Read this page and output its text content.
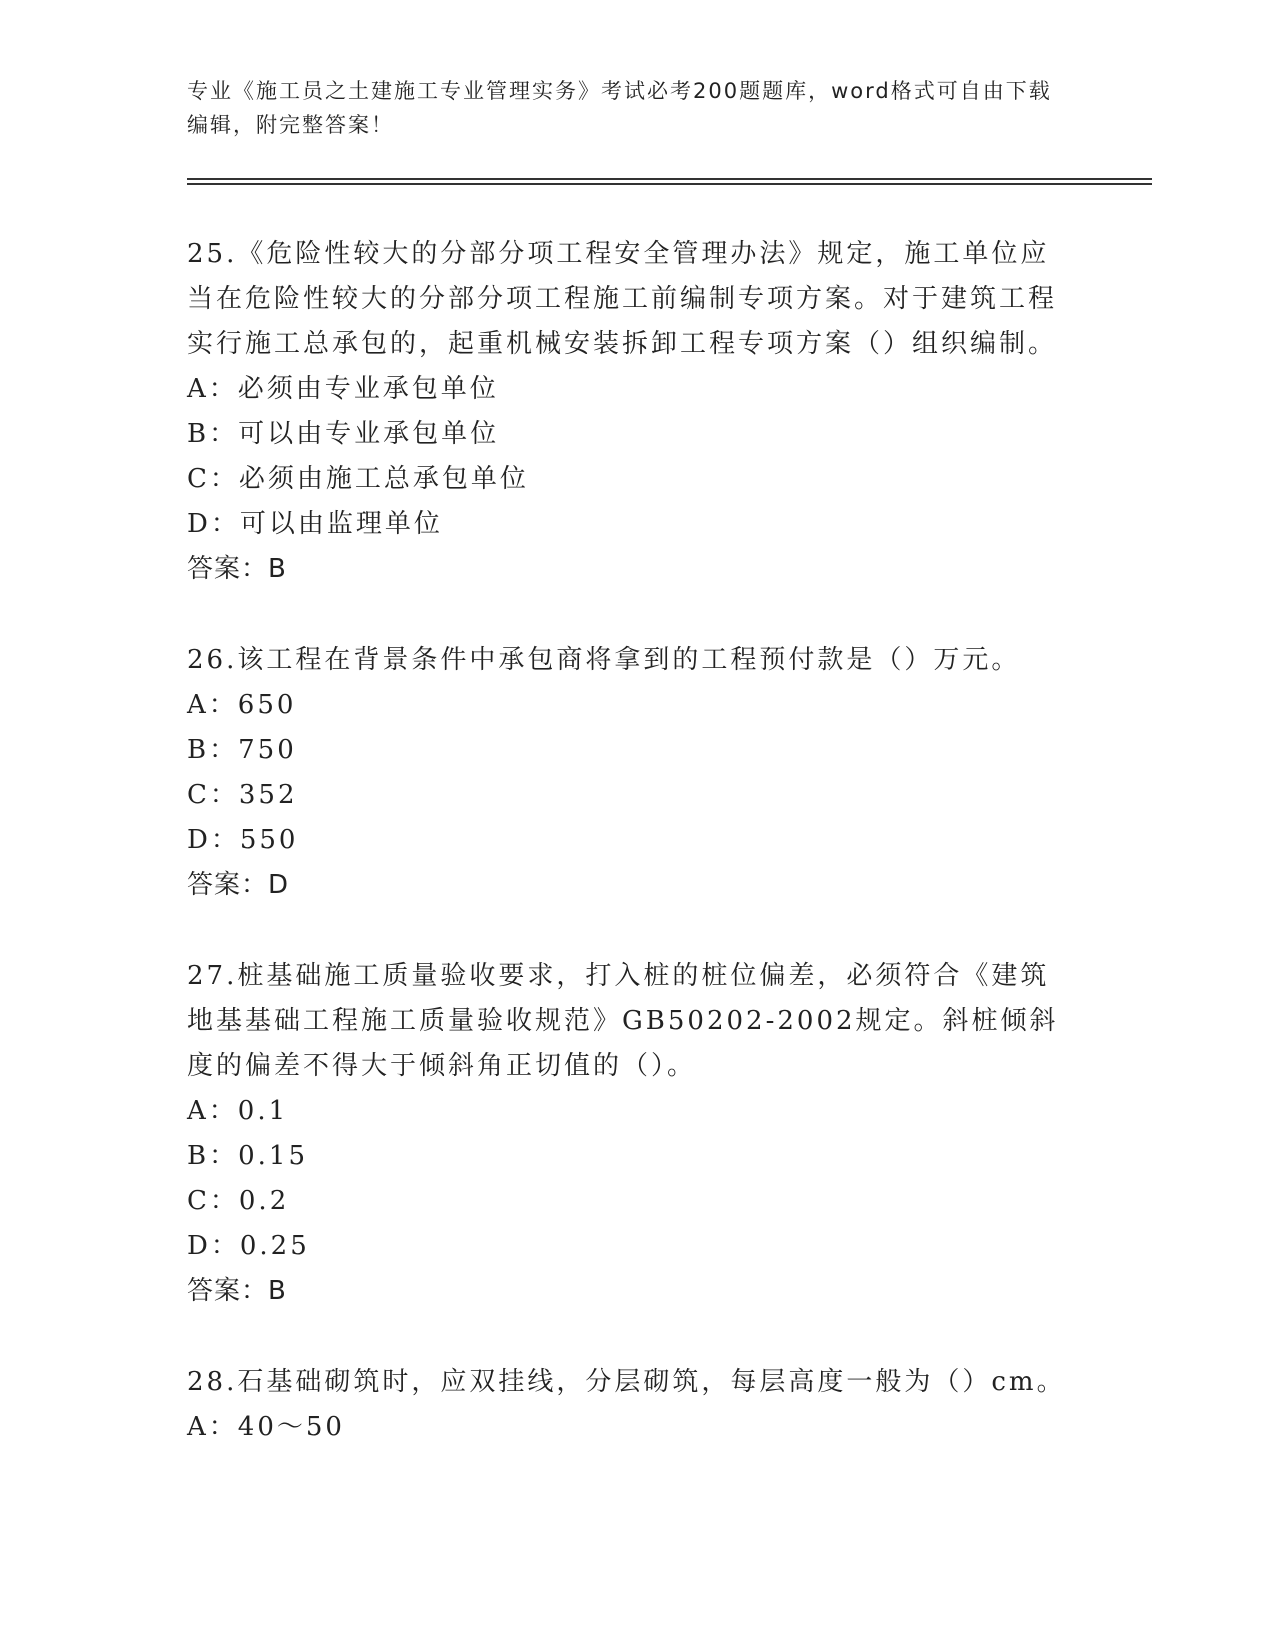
专业《施工员之土建施工专业管理实务》考试必考200题题库，word格式可自由下载编辑，附完整答案！

25.《危险性较大的分部分项工程安全管理办法》规定，施工单位应当在危险性较大的分部分项工程施工前编制专项方案。对于建筑工程实行施工总承包的，起重机械安装拆卸工程专项方案（）组织编制。

A：必须由专业承包单位

B：可以由专业承包单位

C：必须由施工总承包单位

D：可以由监理单位

答案：B

26.该工程在背景条件中承包商将拿到的工程预付款是（）万元。

A：650

B：750

C：352

D：550

答案：D

27.桩基础施工质量验收要求，打入桩的桩位偏差，必须符合《建筑地基基础工程施工质量验收规范》GB50202-2002规定。斜桩倾斜度的偏差不得大于倾斜角正切值的（）。

A：0.1

B：0.15

C：0.2

D：0.25

答案：B

28.石基础砌筑时，应双挂线，分层砌筑，每层高度一般为（）cm。

A：40～50
